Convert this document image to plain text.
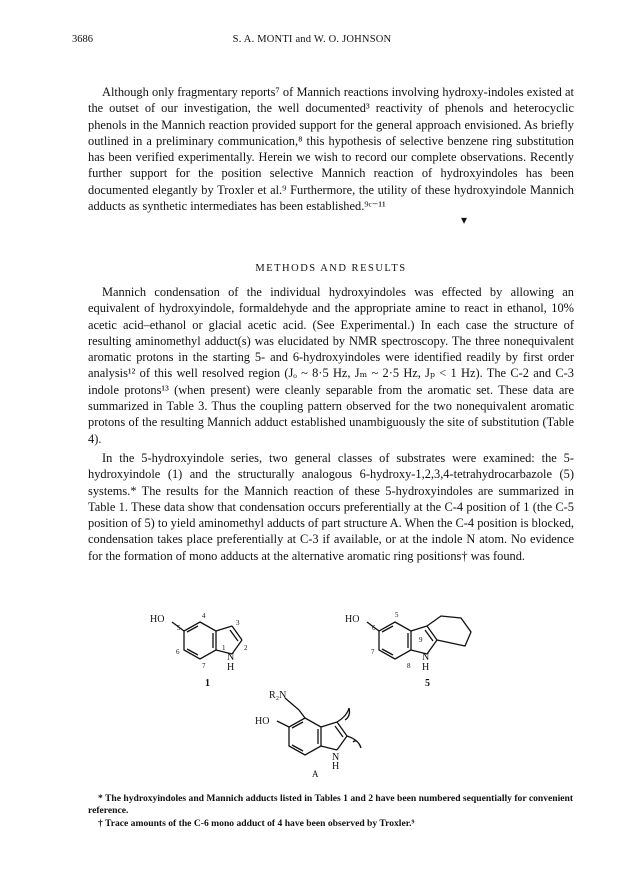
3686	S. A. MONTI and W. O. JOHNSON

Although only fragmentary reports⁷ of Mannich reactions involving hydroxy-indoles existed at the outset of our investigation, the well documented³ reactivity of phenols and heterocyclic phenols in the Mannich reaction provided support for the general approach envisioned. As briefly outlined in a preliminary communication,⁸ this hypothesis of selective benzene ring substitution has been verified experimentally. Herein we wish to record our complete observations. Recently further support for the position selective Mannich reaction of hydroxyindoles has been documented elegantly by Troxler et al.⁹ Furthermore, the utility of these hydroxyindole Mannich adducts as synthetic intermediates has been established.⁹ᶜ⁻¹¹

▾
METHODS AND RESULTS

Mannich condensation of the individual hydroxyindoles was effected by allowing an equivalent of hydroxyindole, formaldehyde and the appropriate amine to react in ethanol, 10% acetic acid–ethanol or glacial acetic acid. (See Experimental.) In each case the structure of resulting aminomethyl adduct(s) was elucidated by NMR spectroscopy. The three nonequivalent aromatic protons in the starting 5- and 6-hydroxyindoles were identified readily by first order analysis¹² of this well resolved region (Jₒ ~ 8·5 Hz, Jₘ ~ 2·5 Hz, Jₚ < 1 Hz). The C-2 and C-3 indole protons¹³ (when present) were cleanly separable from the aromatic set. These data are summarized in Table 3. Thus the coupling pattern observed for the two nonequivalent aromatic protons of the resulting Mannich adduct established unambiguously the site of substitution (Table 4).

In the 5-hydroxyindole series, two general classes of substrates were examined: the 5-hydroxyindole (1) and the structurally analogous 6-hydroxy-1,2,3,4-tetrahydrocarbazole (5) systems.* The results for the Mannich reaction of these 5-hydroxyindoles are summarized in Table 1. These data show that condensation occurs preferentially at the C-4 position of 1 (the C-5 position of 5) to yield aminomethyl adducts of part structure A. When the C-4 position is blocked, condensation takes place preferentially at C-3 if available, or at the indole N atom. No evidence for the formation of mono adducts at the alternative aromatic ring positions† was found.

HO	4
5
3
6	1	2
7
N
H
1
HO	5
6
9
7
8
N
H
5
R₂N
HO
N
H
A

* The hydroxyindoles and Mannich adducts listed in Tables 1 and 2 have been numbered sequentially for convenient reference.

† Trace amounts of the C-6 mono adduct of 4 have been observed by Troxler.⁹
